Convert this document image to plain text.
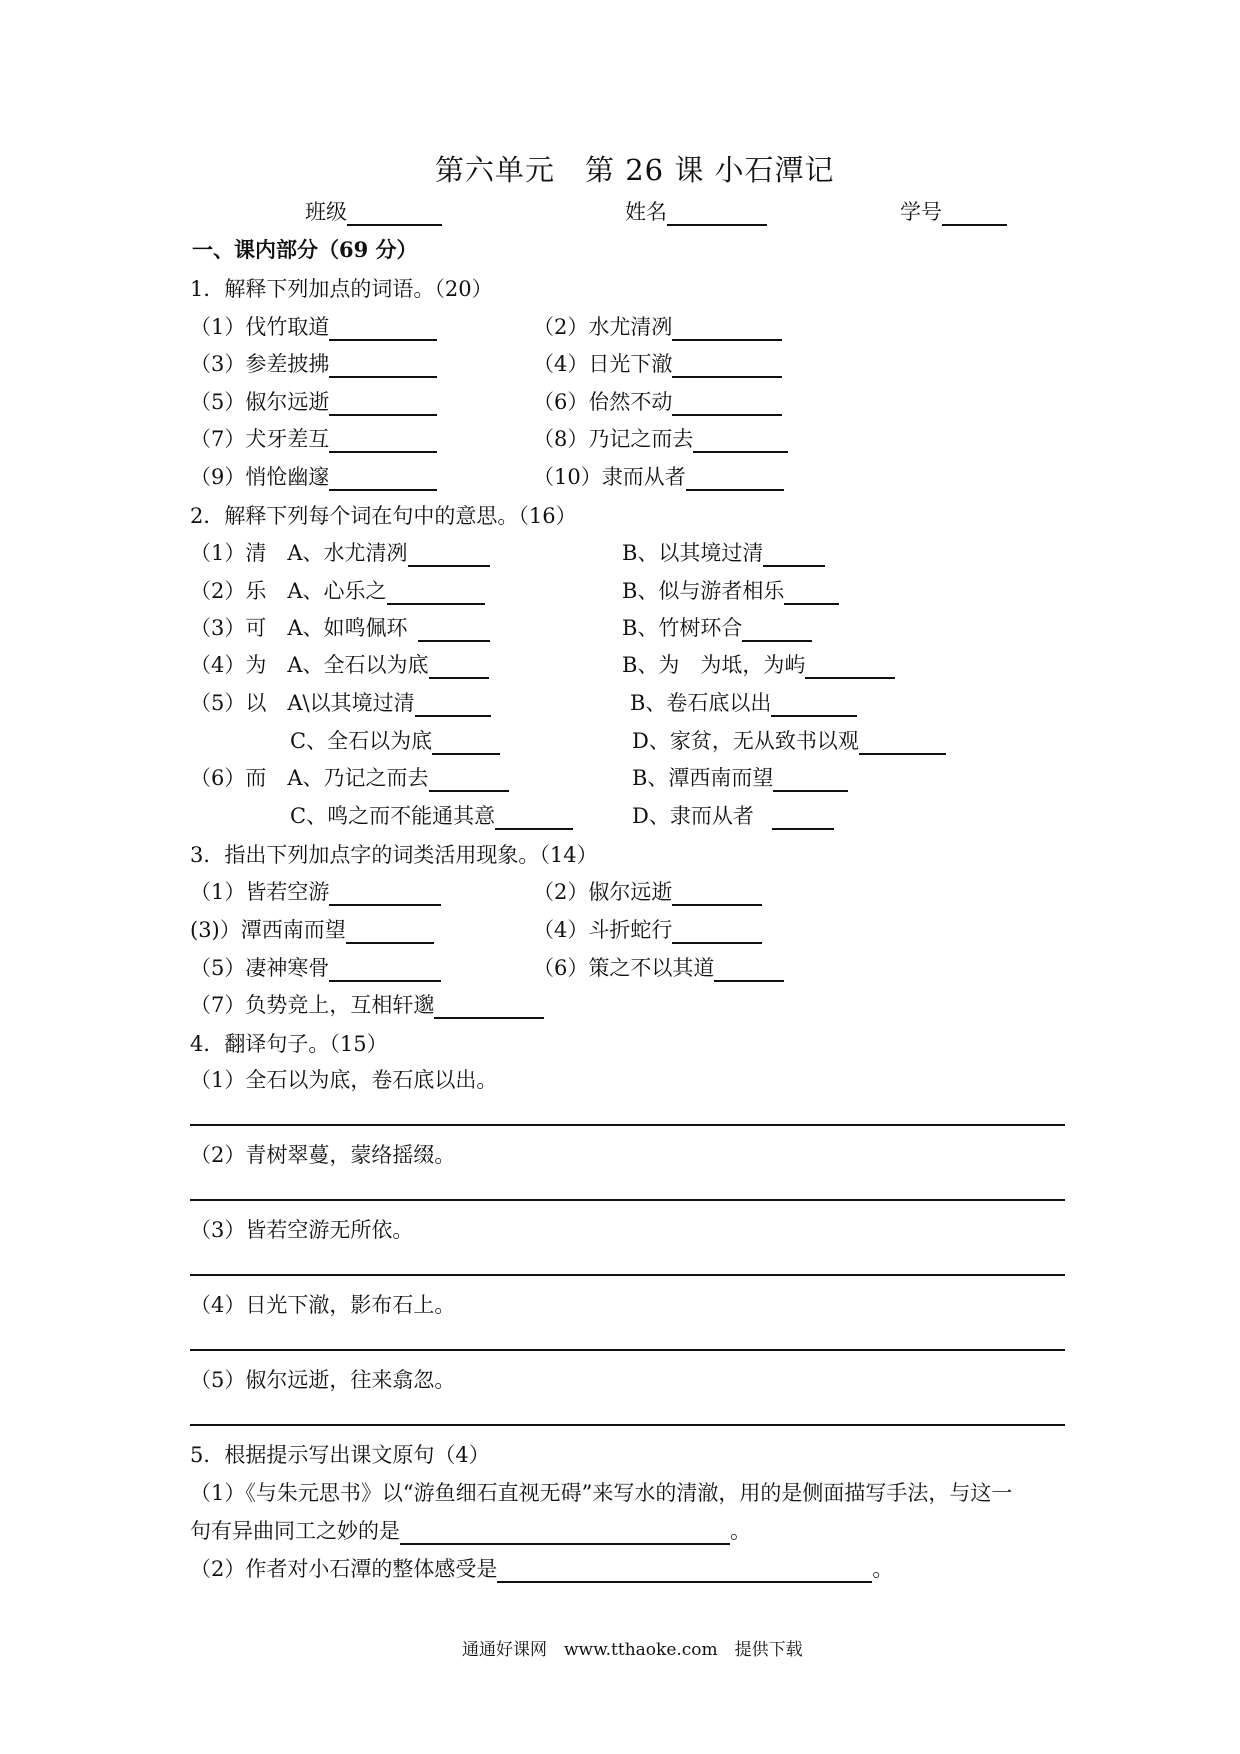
第六单元　第 26 课 小石潭记
班级	姓名	学号
一、课内部分（69 分）
1．解释下列加点的词语。（20）
（1）伐竹取道	（2）水尤清冽
（3）参差披拂	（4）日光下澈
（5）俶尔远逝	（6）佁然不动
（7）犬牙差互	（8）乃记之而去
（9）悄怆幽邃	（10）隶而从者
2．解释下列每个词在句中的意思。（16）
（1）清　A、水尤清冽	B、以其境过清
（2）乐　A、心乐之	B、似与游者相乐
（3）可　A、如鸣佩环	B、竹树环合
（4）为　A、全石以为底	B、为　为坻，为屿
（5）以　A\以其境过清	B、卷石底以出
C、全石以为底	D、家贫，无从致书以观
（6）而　A、乃记之而去	B、潭西南而望
C、鸣之而不能通其意	D、隶而从者
3．指出下列加点字的词类活用现象。（14）
（1）皆若空游	（2）俶尔远逝
(3)）潭西南而望	（4）斗折蛇行
（5）凄神寒骨	（6）策之不以其道
（7）负势竞上，互相轩邈
4．翻译句子。（15）
（1）全石以为底，卷石底以出。
（2）青树翠蔓，蒙络摇缀。
（3）皆若空游无所依。
（4）日光下澈，影布石上。
（5）俶尔远逝，往来翕忽。
5．根据提示写出课文原句（4）
（1）《与朱元思书》以“游鱼细石直视无碍”来写水的清澈，用的是侧面描写手法，与这一
句有异曲同工之妙的是	。
（2）作者对小石潭的整体感受是	。
通通好课网　www.tthaoke.com　提供下载
